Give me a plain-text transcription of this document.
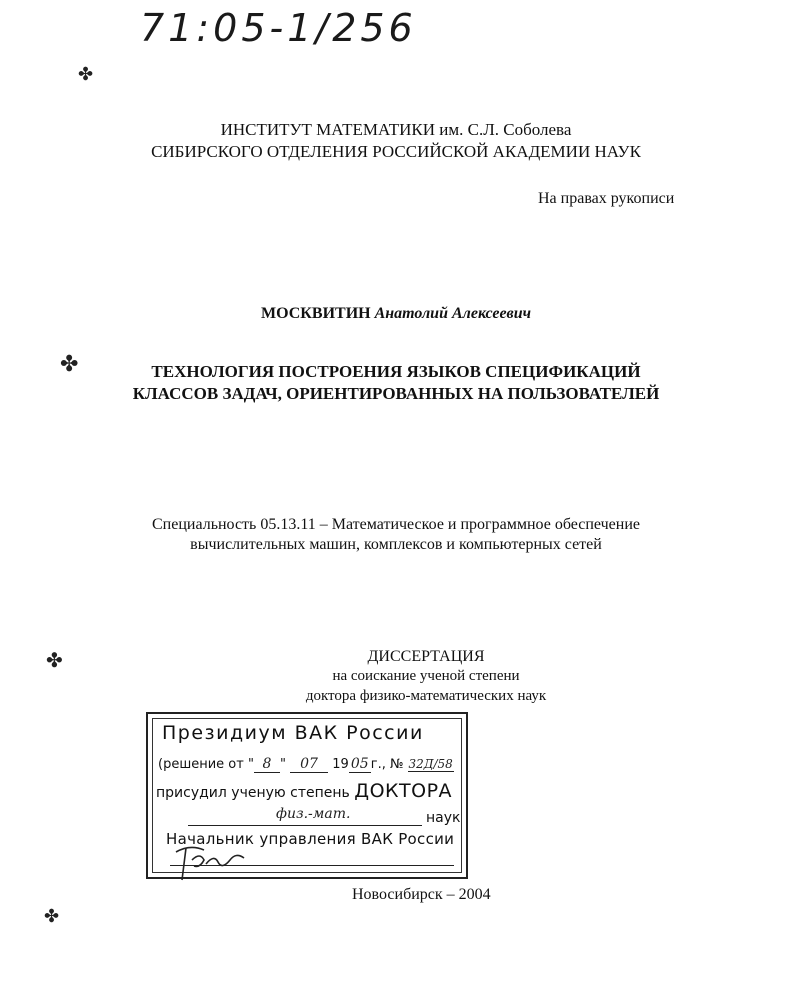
71:05-1/256
✤
✤
✤
✤
ИНСТИТУТ МАТЕМАТИКИ им. С.Л. Соболева
СИБИРСКОГО ОТДЕЛЕНИЯ РОССИЙСКОЙ АКАДЕМИИ НАУК
На правах рукописи
МОСКВИТИН Анатолий Алексеевич
ТЕХНОЛОГИЯ ПОСТРОЕНИЯ ЯЗЫКОВ СПЕЦИФИКАЦИЙ
КЛАССОВ ЗАДАЧ, ОРИЕНТИРОВАННЫХ НА ПОЛЬЗОВАТЕЛЕЙ
Специальность 05.13.11 – Математическое и программное обеспечение
вычислительных машин, комплексов и компьютерных сетей
ДИССЕРТАЦИЯ
на соискание ученой степени
доктора физико-математических наук
Президиум ВАК России
(решение от " 8 " 07 19 05 г., № 32Д/58
присудил ученую степень ДОКТОРА
физ.-мат.	наук
Начальник управления ВАК России
Новосибирск – 2004
